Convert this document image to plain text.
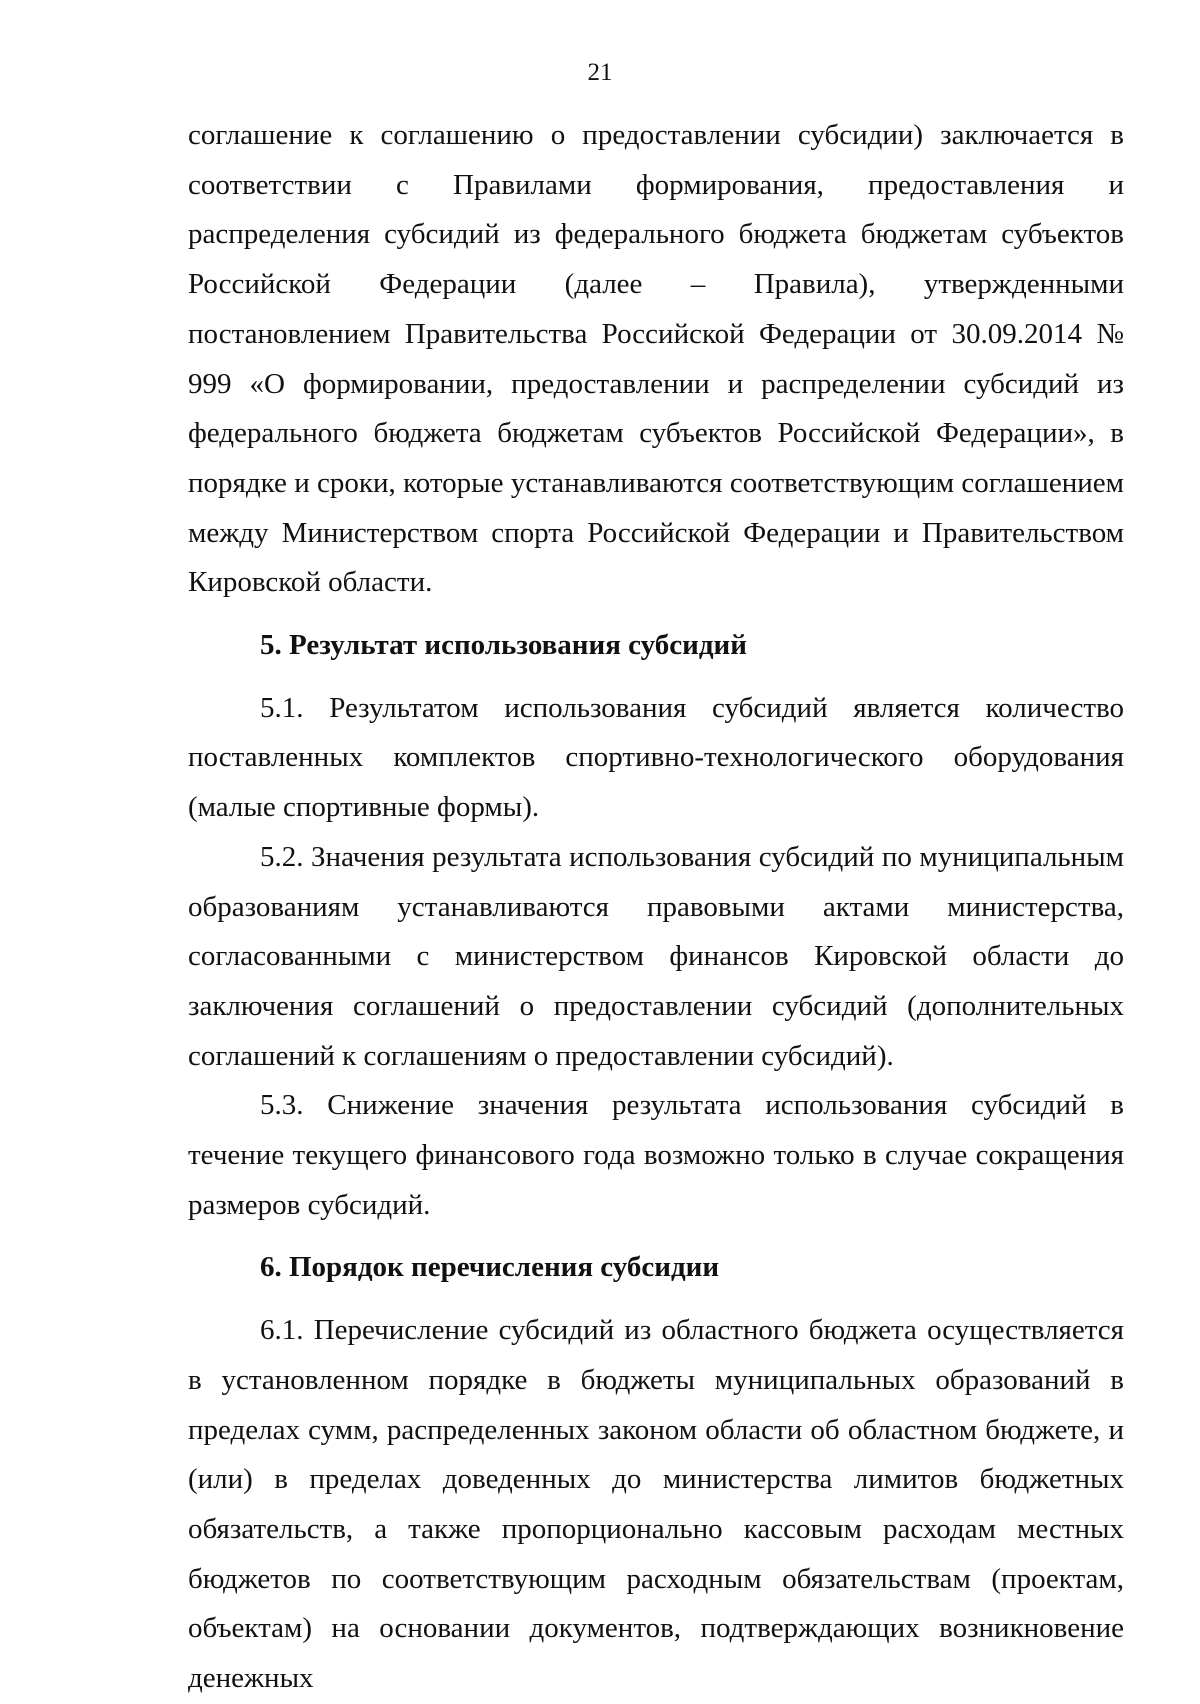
21

соглашение к соглашению о предоставлении субсидии) заключается в соответствии с Правилами формирования, предоставления и распределения субсидий из федерального бюджета бюджетам субъектов Российской Федерации (далее – Правила), утвержденными постановлением Правительства Российской Федерации от 30.09.2014 № 999 «О формировании, предоставлении и распределении субсидий из федерального бюджета бюджетам субъектов Российской Федерации», в порядке и сроки, которые устанавливаются соответствующим соглашением между Министерством спорта Российской Федерации и Правительством Кировской области.

5. Результат использования субсидий

5.1. Результатом использования субсидий является количество поставленных комплектов спортивно-технологического оборудования (малые спортивные формы).

5.2. Значения результата использования субсидий по муниципальным образованиям устанавливаются правовыми актами министерства, согласованными с министерством финансов Кировской области до заключения соглашений о предоставлении субсидий (дополнительных соглашений к соглашениям о предоставлении субсидий).

5.3. Снижение значения результата использования субсидий в течение текущего финансового года возможно только в случае сокращения размеров субсидий.

6. Порядок перечисления субсидии

6.1. Перечисление субсидий из областного бюджета осуществляется в установленном порядке в бюджеты муниципальных образований в пределах сумм, распределенных законом области об областном бюджете, и (или) в пределах доведенных до министерства лимитов бюджетных обязательств, а также пропорционально кассовым расходам местных бюджетов по соответствующим расходным обязательствам (проектам, объектам) на основании документов, подтверждающих возникновение денежных
